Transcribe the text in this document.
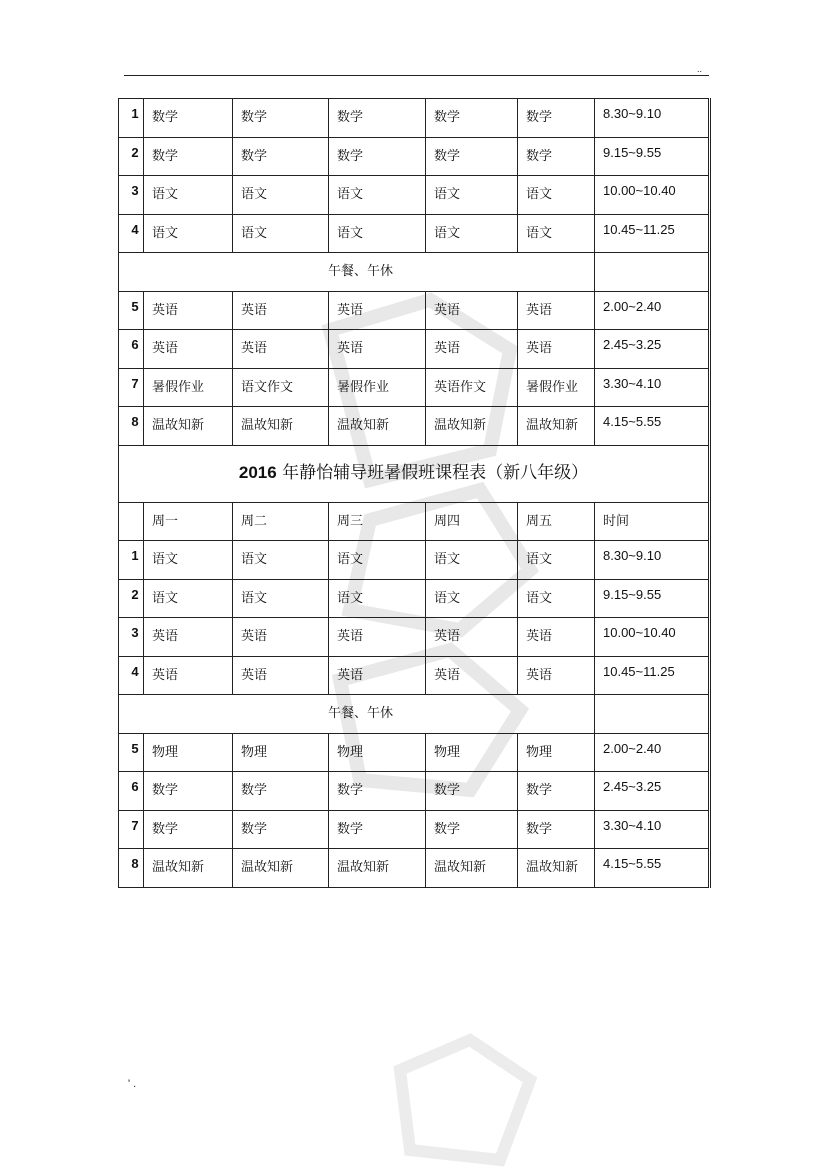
..
1	数学	数学	数学	数学	数学	8.30~9.10
2	数学	数学	数学	数学	数学	9.15~9.55
3	语文	语文	语文	语文	语文	10.00~10.40
4	语文	语文	语文	语文	语文	10.45~11.25
午餐、午休						
5	英语	英语	英语	英语	英语	2.00~2.40
6	英语	英语	英语	英语	英语	2.45~3.25
7	暑假作业	语文作文	暑假作业	英语作文	暑假作业	3.30~4.10
8	温故知新	温故知新	温故知新	温故知新	温故知新	4.15~5.55
2016 年静怡辅导班暑假班课程表（新八年级）						
	周一	周二	周三	周四	周五	时间
1	语文	语文	语文	语文	语文	8.30~9.10
2	语文	语文	语文	语文	语文	9.15~9.55
3	英语	英语	英语	英语	英语	10.00~10.40
4	英语	英语	英语	英语	英语	10.45~11.25
午餐、午休						
5	物理	物理	物理	物理	物理	2.00~2.40
6	数学	数学	数学	数学	数学	2.45~3.25
7	数学	数学	数学	数学	数学	3.30~4.10
8	温故知新	温故知新	温故知新	温故知新	温故知新	4.15~5.55
' .
